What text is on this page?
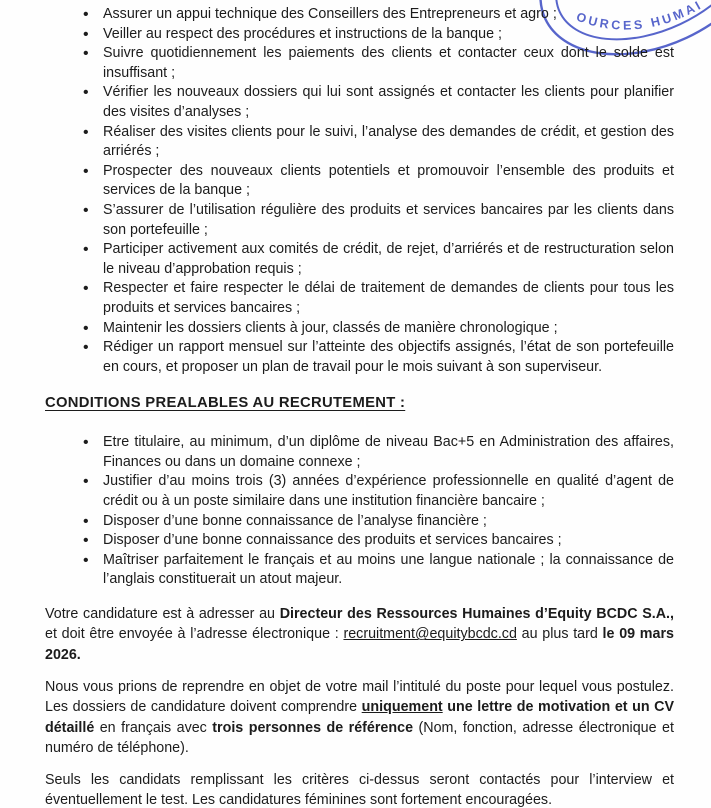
OURCES HUMAI
• Assurer un appui technique des Conseillers des Entrepreneurs et agro ;
• Veiller au respect des procédures et instructions de la banque ;
• Suivre quotidiennement les paiements des clients et contacter ceux dont le solde est insuffisant ;
• Vérifier les nouveaux dossiers qui lui sont assignés et contacter les clients pour planifier des visites d’analyses ;
• Réaliser des visites clients pour le suivi, l’analyse des demandes de crédit, et gestion des arriérés ;
• Prospecter des nouveaux clients potentiels et promouvoir l’ensemble des produits et services de la banque ;
• S’assurer de l’utilisation régulière des produits et services bancaires par les clients dans son portefeuille ;
• Participer activement aux comités de crédit, de rejet, d’arriérés et de restructuration selon le niveau d’approbation requis ;
• Respecter et faire respecter le délai de traitement de demandes de clients pour tous les produits et services bancaires ;
• Maintenir les dossiers clients à jour, classés de manière chronologique ;
• Rédiger un rapport mensuel sur l’atteinte des objectifs assignés, l’état de son portefeuille en cours, et proposer un plan de travail pour le mois suivant à son superviseur.
CONDITIONS PREALABLES AU RECRUTEMENT :
• Etre titulaire, au minimum, d’un diplôme de niveau Bac+5 en Administration des affaires, Finances ou dans un domaine connexe ;
• Justifier d’au moins trois (3) années d’expérience professionnelle en qualité d’agent de crédit ou à un poste similaire dans une institution financière bancaire ;
• Disposer d’une bonne connaissance de l’analyse financière ;
• Disposer d’une bonne connaissance des produits et services bancaires ;
• Maîtriser parfaitement le français et au moins une langue nationale ; la connaissance de l’anglais constituerait un atout majeur.

Votre candidature est à adresser au Directeur des Ressources Humaines d’Equity BCDC S.A., et doit être envoyée à l’adresse électronique : recruitment@equitybcdc.cd au plus tard le 09 mars 2026.

Nous vous prions de reprendre en objet de votre mail l’intitulé du poste pour lequel vous postulez. Les dossiers de candidature doivent comprendre uniquement une lettre de motivation et un CV détaillé en français avec trois personnes de référence (Nom, fonction, adresse électronique et numéro de téléphone).

Seuls les candidats remplissant les critères ci-dessus seront contactés pour l’interview et éventuellement le test. Les candidatures féminines sont fortement encouragées.
